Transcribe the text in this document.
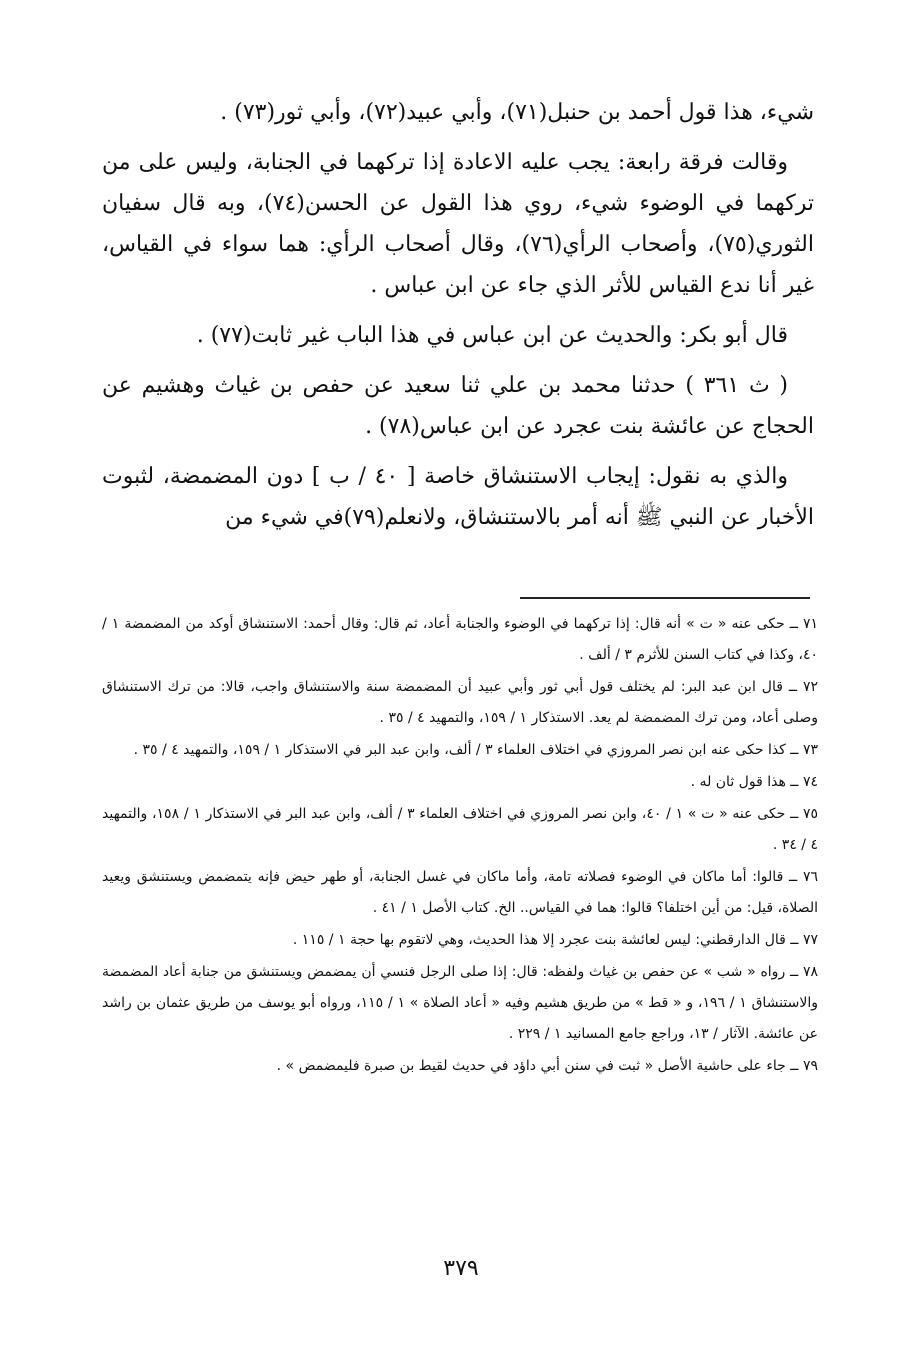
شيء، هذا قول أحمد بن حنبل(٧١)، وأبي عبيد(٧٢)، وأبي ثور(٧٣) .

وقالت فرقة رابعة: يجب عليه الاعادة إذا تركهما في الجنابة، وليس على من تركهما في الوضوء شيء، روي هذا القول عن الحسن(٧٤)، وبه قال سفيان الثوري(٧٥)، وأصحاب الرأي(٧٦)، وقال أصحاب الرأي: هما سواء في القياس، غير أنا ندع القياس للأثر الذي جاء عن ابن عباس .

قال أبو بكر: والحديث عن ابن عباس في هذا الباب غير ثابت(٧٧) .

( ث ٣٦١ ) حدثنا محمد بن علي ثنا سعيد عن حفص بن غياث وهشيم عن الحجاج عن عائشة بنت عجرد عن ابن عباس(٧٨) .

والذي به نقول: إيجاب الاستنشاق خاصة [ ٤٠ / ب ] دون المضمضة، لثبوت الأخبار عن النبي ﷺ أنه أمر بالاستنشاق، ولانعلم(٧٩)في شيء من

٧١ ــ حكى عنه « ت » أنه قال: إذا تركهما في الوضوء والجنابة أعاد، ثم قال: وقال أحمد: الاستنشاق أوكد من المضمضة ١ / ٤٠، وكذا في كتاب السنن للأثرم ٣ / ألف .

٧٢ ــ قال ابن عبد البر: لم يختلف قول أبي ثور وأبي عبيد أن المضمضة سنة والاستنشاق واجب، قالا: من ترك الاستنشاق وصلى أعاد، ومن ترك المضمضة لم يعد. الاستذكار ١ / ١٥٩، والتمهيد ٤ / ٣٥ .

٧٣ ــ كذا حكى عنه ابن نصر المروزي في اختلاف العلماء ٣ / ألف، وابن عبد البر في الاستذكار ١ / ١٥٩، والتمهيد ٤ / ٣٥ .

٧٤ ــ هذا قول ثان له .

٧٥ ــ حكى عنه « ت » ١ / ٤٠، وابن نصر المروزي في اختلاف العلماء ٣ / ألف، وابن عبد البر في الاستذكار ١ / ١٥٨، والتمهيد ٤ / ٣٤ .

٧٦ ــ قالوا: أما ماكان في الوضوء فصلاته تامة، وأما ماكان في غسل الجنابة، أو طهر حيض فإنه يتمضمض ويستنشق ويعيد الصلاة، قيل: من أين اختلفا؟ قالوا: هما في القياس.. الخ. كتاب الأصل ١ / ٤١ .

٧٧ ــ قال الدارقطني: ليس لعائشة بنت عجرد إلا هذا الحديث، وهي لاتقوم بها حجة ١ / ١١٥ .

٧٨ ــ رواه « شب » عن حفص بن غياث ولفظه: قال: إذا صلى الرجل فنسي أن يمضمض ويستنشق من جنابة أعاد المضمضة والاستنشاق ١ / ١٩٦، و « قط » من طريق هشيم وفيه « أعاد الصلاة » ١ / ١١٥، ورواه أبو يوسف من طريق عثمان بن راشد عن عائشة. الآثار / ١٣، وراجع جامع المسانيد ١ / ٢٢٩ .

٧٩ ــ جاء على حاشية الأصل « ثبت في سنن أبي داؤد في حديث لقيط بن صبرة فليمضمض » .

٣٧٩
